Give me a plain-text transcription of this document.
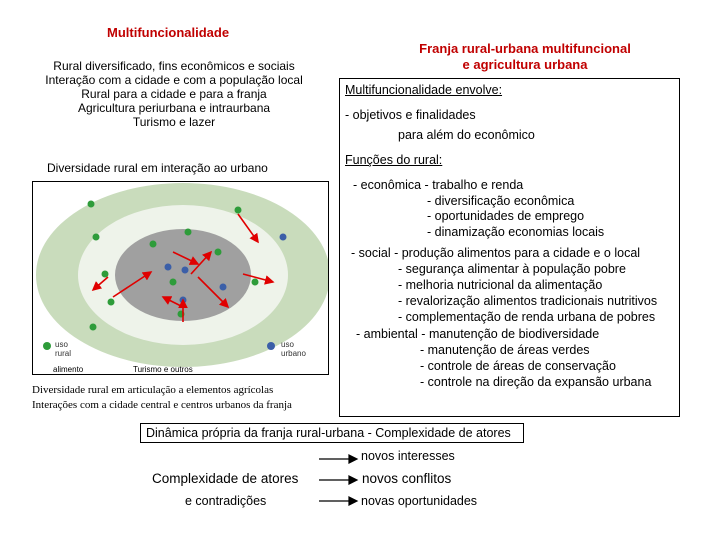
Multifuncionalidade
Rural diversificado, fins econômicos e sociais
Interação com a cidade e com a população local
Rural para a cidade e para a franja
Agricultura periurbana e intraurbana
Turismo e lazer
Diversidade rural em interação ao urbano
uso
rural
uso
urbano
alimento	Turismo e outros
Diversidade rural em articulação a elementos agrícolas
Interações com a cidade central e centros urbanos da franja
Franja rural-urbana multifuncional
e agricultura urbana
Multifuncionalidade envolve:
- objetivos e finalidades
para além do econômico
Funções do rural:
- econômica - trabalho e renda
- diversificação econômica
- oportunidades de emprego
- dinamização economias locais
- social - produção alimentos para a cidade e o local
- segurança alimentar à população pobre
- melhoria nutricional da alimentação
- revalorização alimentos tradicionais nutritivos
- complementação de renda urbana de pobres
- ambiental - manutenção de biodiversidade
- manutenção de áreas verdes
- controle de áreas de conservação
- controle na direção da expansão urbana
Dinâmica própria da franja rural-urbana - Complexidade de atores
novos interesses
Complexidade de atores	novos conflitos
e contradições	novas oportunidades
